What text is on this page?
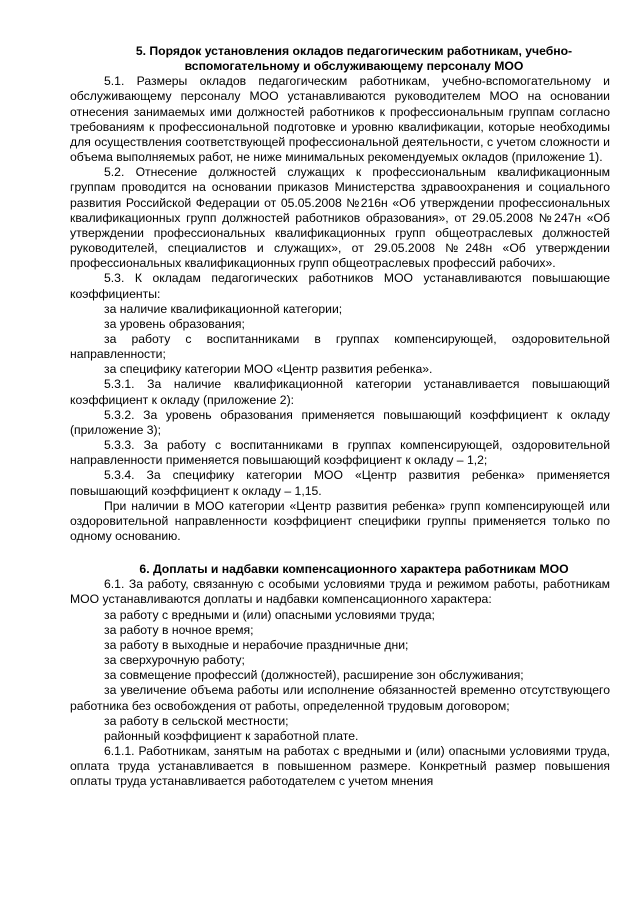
5. Порядок установления окладов педагогическим работникам, учебно-вспомогательному и обслуживающему персоналу МОО

5.1. Размеры окладов педагогическим работникам, учебно-вспомогательному и обслуживающему персоналу МОО устанавливаются руководителем МОО на основании отнесения занимаемых ими должностей работников к профессиональным группам согласно требованиям к профессиональной подготовке и уровню квалификации, которые необходимы для осуществления соответствующей профессиональной деятельности, с учетом сложности и объема выполняемых работ, не ниже минимальных рекомендуемых окладов (приложение 1).

5.2. Отнесение должностей служащих к профессиональным квалификационным группам проводится на основании приказов Министерства здравоохранения и социального развития Российской Федерации от 05.05.2008 №216н «Об утверждении профессиональных квалификационных групп должностей работников образования», от 29.05.2008 №247н «Об утверждении профессиональных квалификационных групп общеотраслевых должностей руководителей, специалистов и служащих», от 29.05.2008 №248н «Об утверждении профессиональных квалификационных групп общеотраслевых профессий рабочих».

5.3. К окладам педагогических работников МОО устанавливаются повышающие коэффициенты:

за наличие квалификационной категории;

за уровень образования;

за работу с воспитанниками в группах компенсирующей, оздоровительной направленности;

за специфику категории МОО «Центр развития ребенка».

5.3.1. За наличие квалификационной категории устанавливается повышающий коэффициент к окладу (приложение 2):

5.3.2. За уровень образования применяется повышающий коэффициент к окладу (приложение 3);

5.3.3. За работу с воспитанниками в группах компенсирующей, оздоровительной направленности применяется повышающий коэффициент к окладу – 1,2;

5.3.4. За специфику категории МОО «Центр развития ребенка» применяется повышающий коэффициент к окладу – 1,15.

При наличии в МОО категории «Центр развития ребенка» групп компенсирующей или оздоровительной направленности коэффициент специфики группы применяется только по одному основанию.

6. Доплаты и надбавки компенсационного характера работникам МОО

6.1. За работу, связанную с особыми условиями труда и режимом работы, работникам МОО устанавливаются доплаты и надбавки компенсационного характера:

за работу с вредными и (или) опасными условиями труда;

за работу в ночное время;

за работу в выходные и нерабочие праздничные дни;

за сверхурочную работу;

за совмещение профессий (должностей), расширение зон обслуживания;

за увеличение объема работы или исполнение обязанностей временно отсутствующего работника без освобождения от работы, определенной трудовым договором;

за работу в сельской местности;

районный коэффициент к заработной плате.

6.1.1. Работникам, занятым на работах с вредными и (или) опасными условиями труда, оплата труда устанавливается в повышенном размере. Конкретный размер повышения оплаты труда устанавливается работодателем с учетом мнения
